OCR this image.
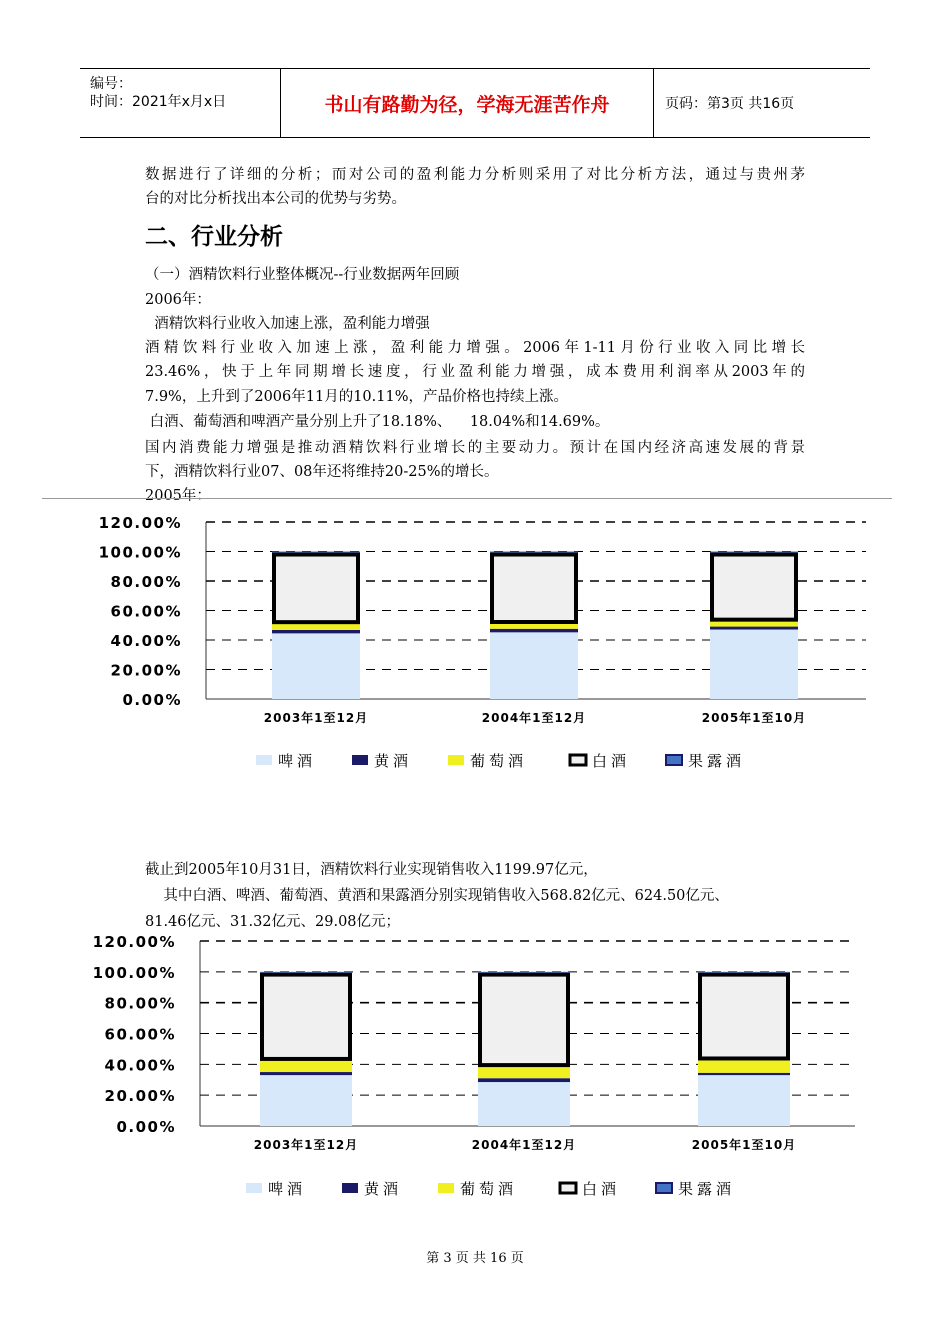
编号：
时间：2021年x月x日	书山有路勤为径，学海无涯苦作舟	页码：第3页 共16页
数据进行了详细的分析；而对公司的盈利能力分析则采用了对比分析方法，通过与贵州茅
台的对比分析找出本公司的优势与劣势。
二、行业分析
（一）酒精饮料行业整体概况--行业数据两年回顾
2006年：
酒精饮料行业收入加速上涨，盈利能力增强
酒精饮料行业收入加速上涨，盈利能力增强。2006年1-11月份行业收入同比增长
23.46%，快于上年同期增长速度，行业盈利能力增强，成本费用利润率从2003年的
7.9%，上升到了2006年11月的10.11%，产品价格也持续上涨。
白酒、葡萄酒和啤酒产量分别上升了18.18%、    18.04%和14.69%。
国内消费能力增强是推动酒精饮料行业增长的主要动力。预计在国内经济高速发展的背景
下，酒精饮料行业07、08年还将维持20-25%的增长。
2005年：
0.00%
20.00%
40.00%
60.00%
80.00%
100.00%
120.00%
2003年1至12月	2004年1至12月	2005年1至10月
啤酒	黄酒	葡萄酒	白酒	果露酒
截止到2005年10月31日，酒精饮料行业实现销售收入1199.97亿元，
其中白酒、啤酒、葡萄酒、黄酒和果露酒分别实现销售收入568.82亿元、624.50亿元、
81.46亿元、31.32亿元、29.08亿元；
0.00%
20.00%
40.00%
60.00%
80.00%
100.00%
120.00%
2003年1至12月	2004年1至12月	2005年1至10月
啤酒	黄酒	葡萄酒	白酒	果露酒
第 3 页 共 16 页
